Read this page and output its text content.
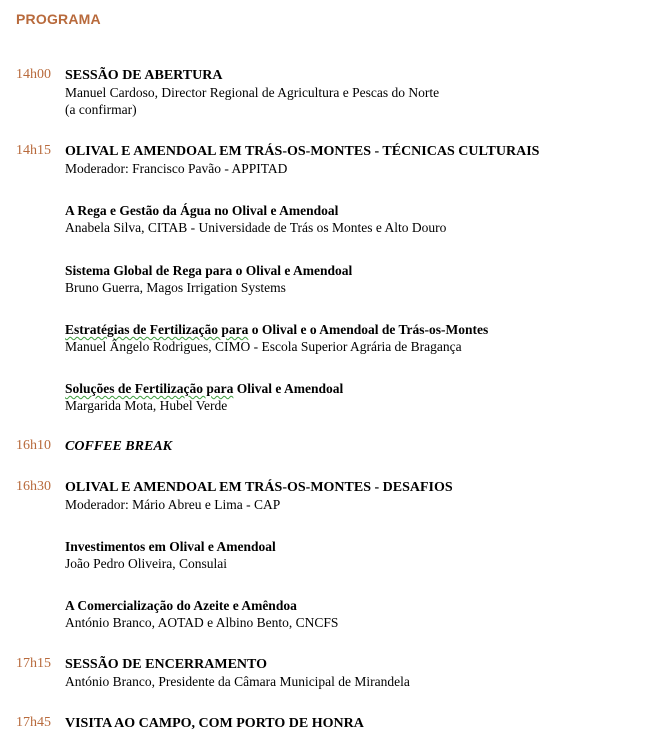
PROGRAMA
14h00 SESSÃO DE ABERTURA
Manuel Cardoso, Director Regional de Agricultura e Pescas do Norte
(a confirmar)
14h15 OLIVAL E AMENDOAL EM TRÁS-OS-MONTES - TÉCNICAS CULTURAIS
Moderador: Francisco Pavão - APPITAD
A Rega e Gestão da Água no Olival e Amendoal
Anabela Silva, CITAB - Universidade de Trás os Montes e Alto Douro
Sistema Global de Rega para o Olival e Amendoal
Bruno Guerra, Magos Irrigation Systems
Estratégias de Fertilização para o Olival e o Amendoal de Trás-os-Montes
Manuel Ângelo Rodrigues, CIMO - Escola Superior Agrária de Bragança
Soluções de Fertilização para Olival e Amendoal
Margarida Mota, Hubel Verde
16h10 COFFEE BREAK
16h30 OLIVAL E AMENDOAL EM TRÁS-OS-MONTES - DESAFIOS
Moderador: Mário Abreu e Lima - CAP
Investimentos em Olival e Amendoal
João Pedro Oliveira, Consulai
A Comercialização do Azeite e Amêndoa
António Branco, AOTAD e Albino Bento, CNCFS
17h15 SESSÃO DE ENCERRAMENTO
António Branco, Presidente da Câmara Municipal de Mirandela
17h45 VISITA AO CAMPO, COM PORTO DE HONRA
